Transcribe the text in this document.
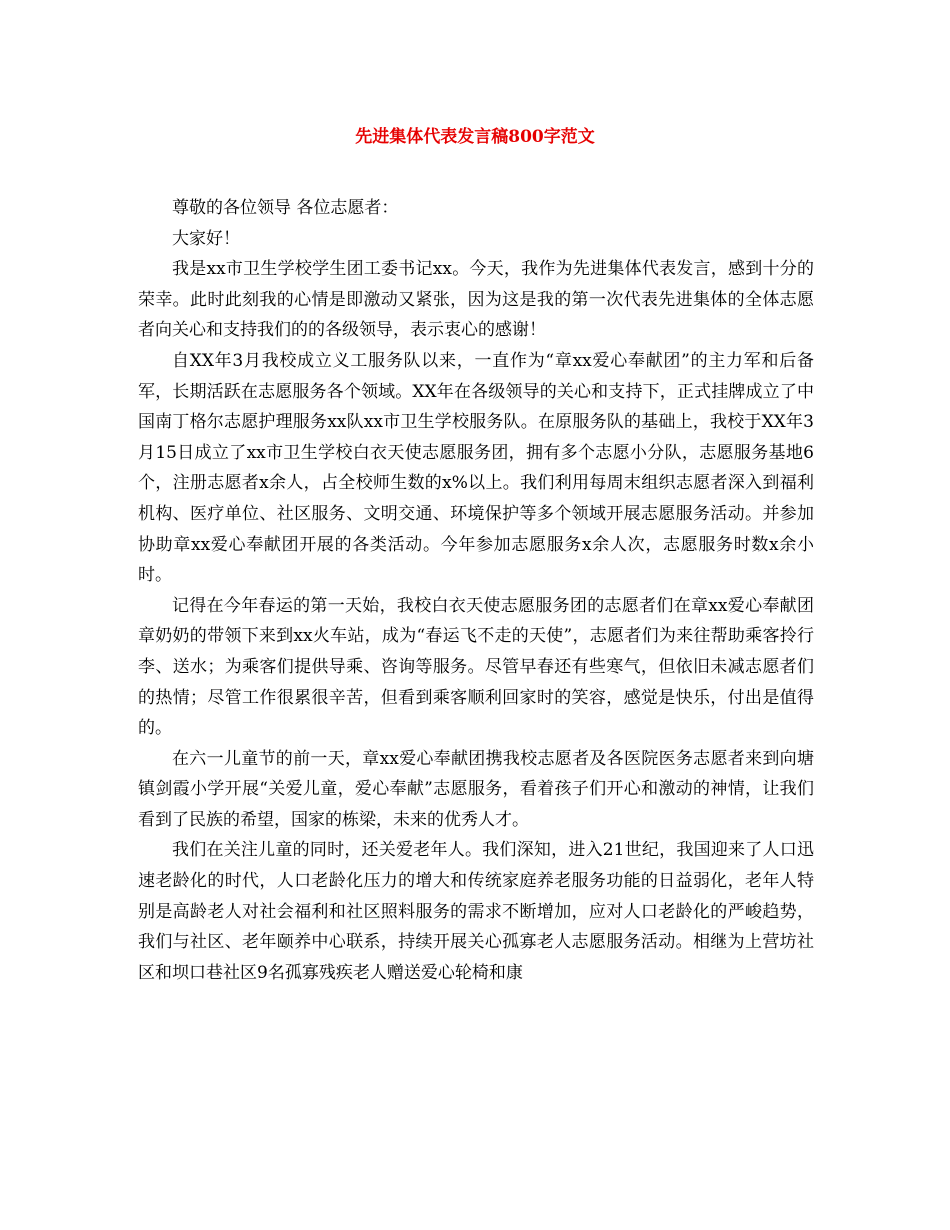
先进集体代表发言稿800字范文

尊敬的各位领导 各位志愿者：

大家好！

我是xx市卫生学校学生团工委书记xx。今天，我作为先进集体代表发言，感到十分的荣幸。此时此刻我的心情是即激动又紧张，因为这是我的第一次代表先进集体的全体志愿者向关心和支持我们的的各级领导，表示衷心的感谢！

自XX年3月我校成立义工服务队以来，一直作为“章xx爱心奉献团”的主力军和后备军，长期活跃在志愿服务各个领域。XX年在各级领导的关心和支持下，正式挂牌成立了中国南丁格尔志愿护理服务xx队xx市卫生学校服务队。在原服务队的基础上，我校于XX年3月15日成立了xx市卫生学校白衣天使志愿服务团，拥有多个志愿小分队，志愿服务基地6个，注册志愿者x余人，占全校师生数的x%以上。我们利用每周末组织志愿者深入到福利机构、医疗单位、社区服务、文明交通、环境保护等多个领域开展志愿服务活动。并参加协助章xx爱心奉献团开展的各类活动。今年参加志愿服务x余人次，志愿服务时数x余小时。

记得在今年春运的第一天始，我校白衣天使志愿服务团的志愿者们在章xx爱心奉献团章奶奶的带领下来到xx火车站，成为“春运飞不走的天使”，志愿者们为来往帮助乘客拎行李、送水；为乘客们提供导乘、咨询等服务。尽管早春还有些寒气，但依旧未减志愿者们的热情；尽管工作很累很辛苦，但看到乘客顺利回家时的笑容，感觉是快乐，付出是值得的。

在六一儿童节的前一天，章xx爱心奉献团携我校志愿者及各医院医务志愿者来到向塘镇剑霞小学开展“关爱儿童，爱心奉献”志愿服务，看着孩子们开心和激动的神情，让我们看到了民族的希望，国家的栋梁，未来的优秀人才。

我们在关注儿童的同时，还关爱老年人。我们深知，进入21世纪，我国迎来了人口迅速老龄化的时代，人口老龄化压力的增大和传统家庭养老服务功能的日益弱化，老年人特别是高龄老人对社会福利和社区照料服务的需求不断增加，应对人口老龄化的严峻趋势，我们与社区、老年颐养中心联系，持续开展关心孤寡老人志愿服务活动。相继为上营坊社区和坝口巷社区9名孤寡残疾老人赠送爱心轮椅和康
